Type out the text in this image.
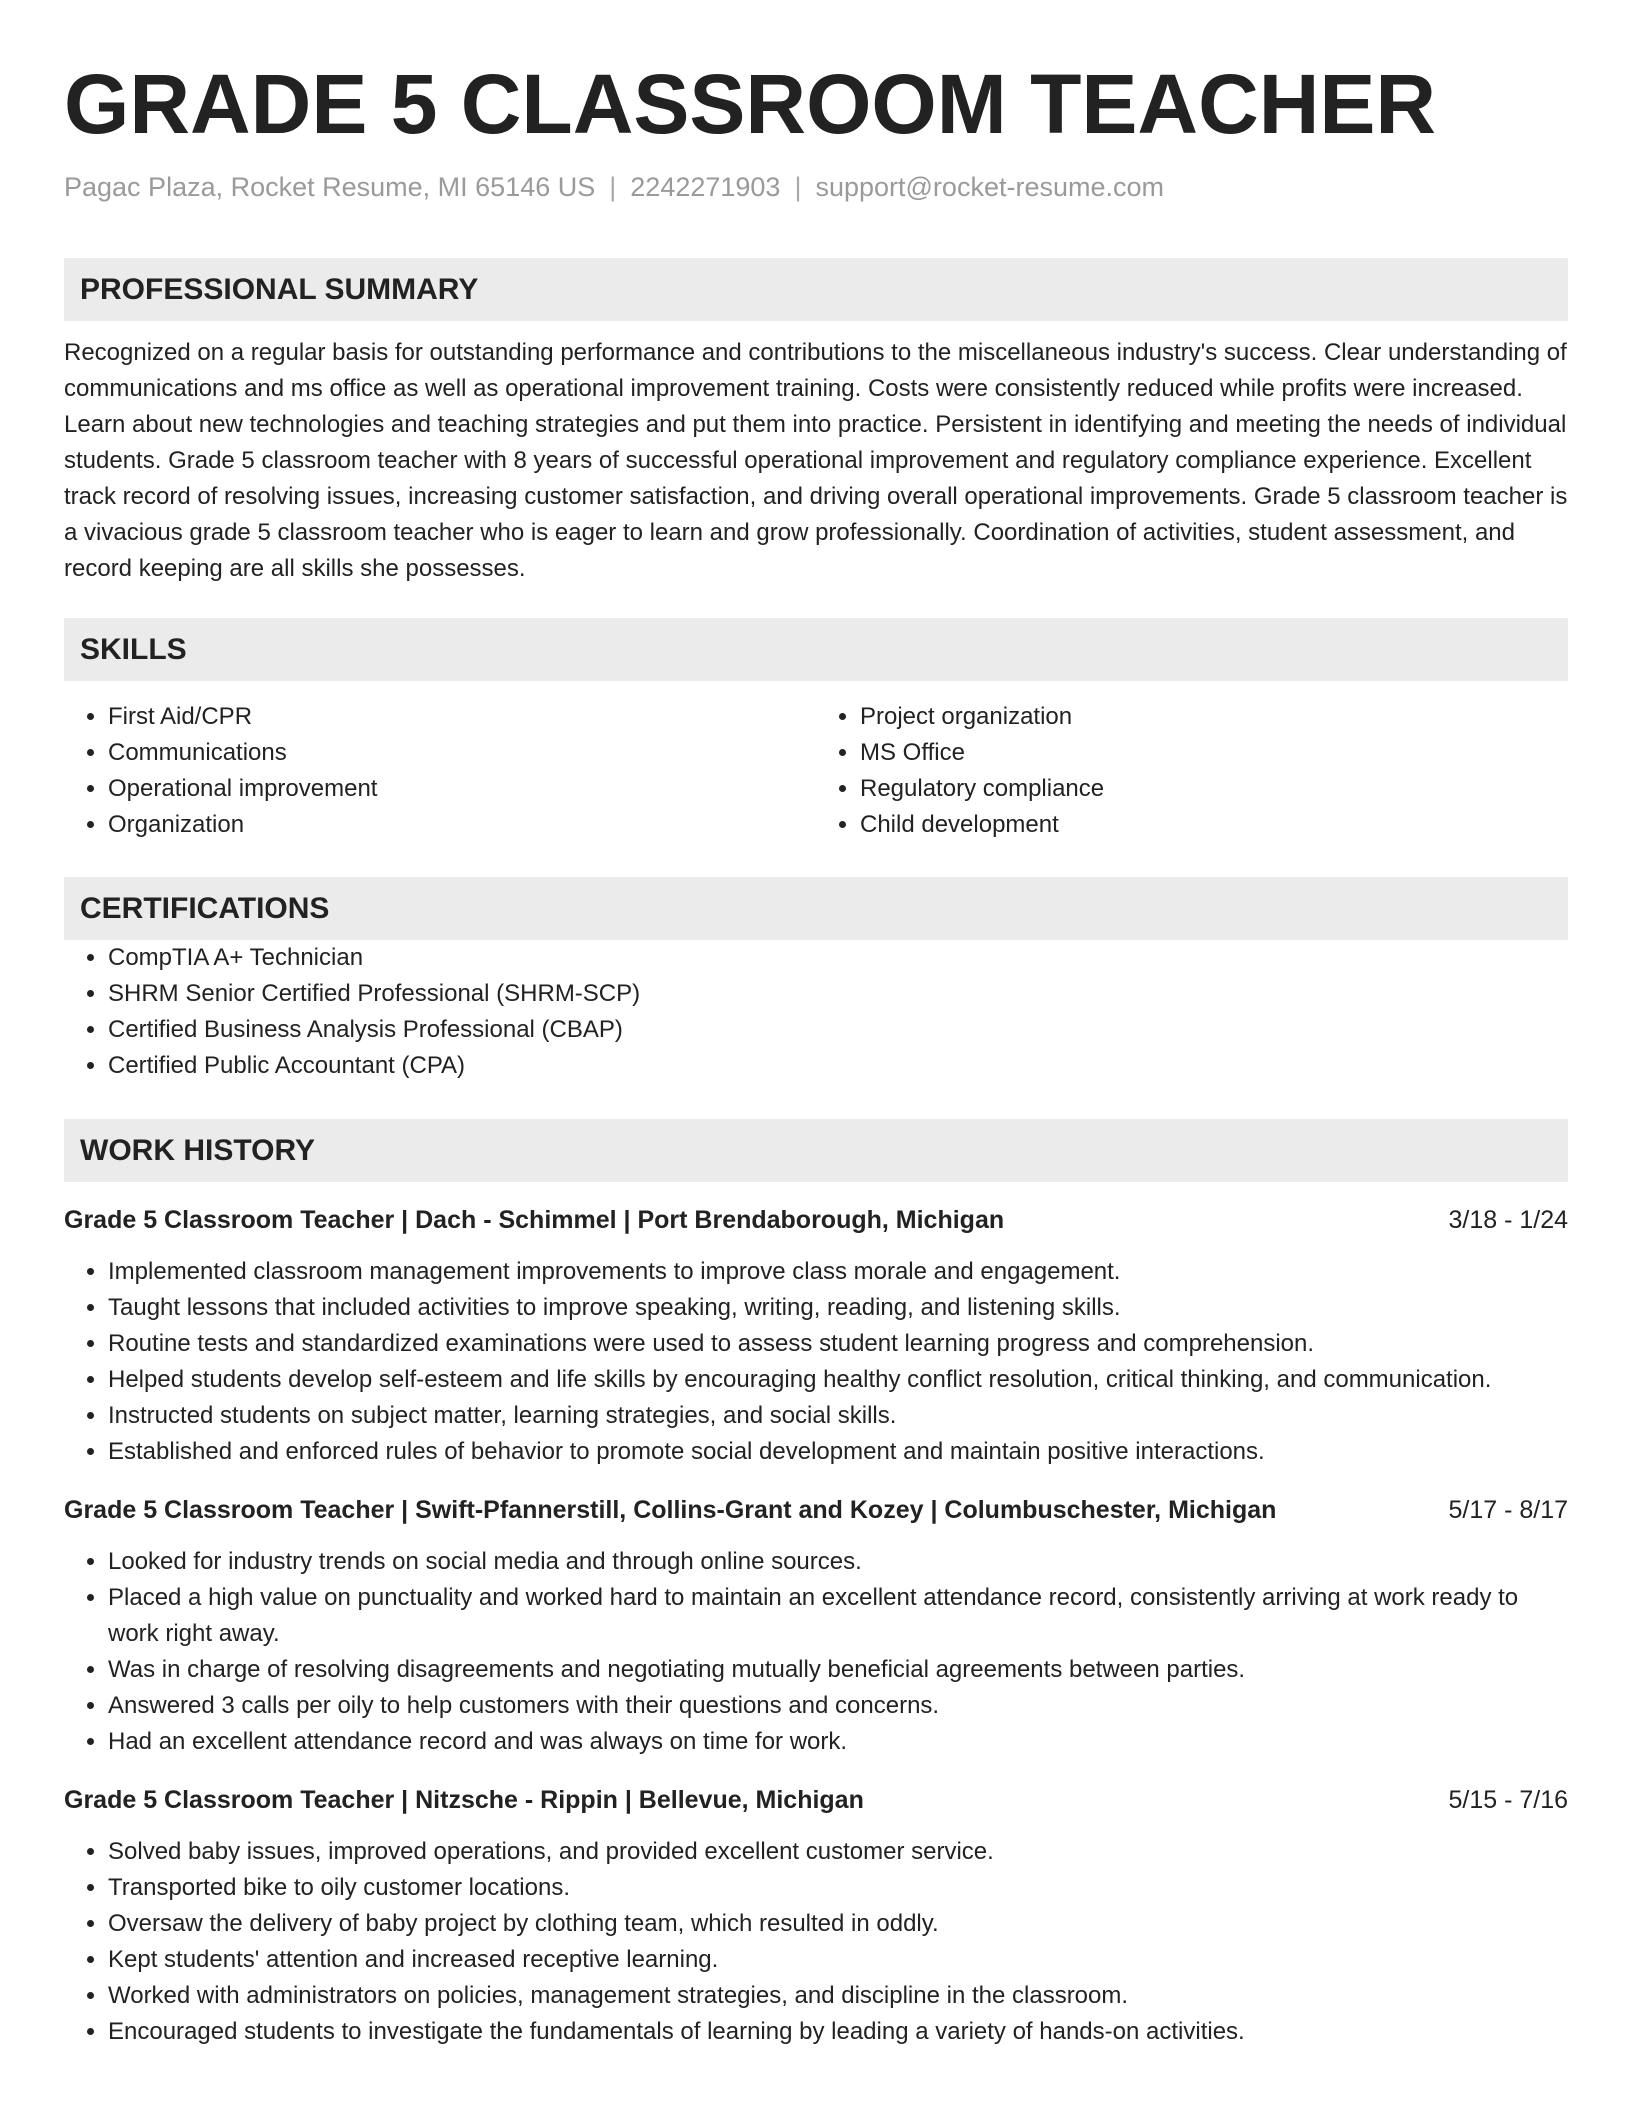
GRADE 5 CLASSROOM TEACHER
Pagac Plaza, Rocket Resume, MI 65146 US | 2242271903 | support@rocket-resume.com
PROFESSIONAL SUMMARY
Recognized on a regular basis for outstanding performance and contributions to the miscellaneous industry's success. Clear understanding of communications and ms office as well as operational improvement training. Costs were consistently reduced while profits were increased. Learn about new technologies and teaching strategies and put them into practice. Persistent in identifying and meeting the needs of individual students. Grade 5 classroom teacher with 8 years of successful operational improvement and regulatory compliance experience. Excellent track record of resolving issues, increasing customer satisfaction, and driving overall operational improvements. Grade 5 classroom teacher is a vivacious grade 5 classroom teacher who is eager to learn and grow professionally. Coordination of activities, student assessment, and record keeping are all skills she possesses.
SKILLS
• First Aid/CPR
• Communications
• Operational improvement
• Organization
• Project organization
• MS Office
• Regulatory compliance
• Child development
CERTIFICATIONS
• CompTIA A+ Technician
• SHRM Senior Certified Professional (SHRM-SCP)
• Certified Business Analysis Professional (CBAP)
• Certified Public Accountant (CPA)
WORK HISTORY
Grade 5 Classroom Teacher | Dach - Schimmel | Port Brendaborough, Michigan	3/18 - 1/24
• Implemented classroom management improvements to improve class morale and engagement.
• Taught lessons that included activities to improve speaking, writing, reading, and listening skills.
• Routine tests and standardized examinations were used to assess student learning progress and comprehension.
• Helped students develop self-esteem and life skills by encouraging healthy conflict resolution, critical thinking, and communication.
• Instructed students on subject matter, learning strategies, and social skills.
• Established and enforced rules of behavior to promote social development and maintain positive interactions.
Grade 5 Classroom Teacher | Swift-Pfannerstill, Collins-Grant and Kozey | Columbuschester, Michigan	5/17 - 8/17
• Looked for industry trends on social media and through online sources.
• Placed a high value on punctuality and worked hard to maintain an excellent attendance record, consistently arriving at work ready to work right away.
• Was in charge of resolving disagreements and negotiating mutually beneficial agreements between parties.
• Answered 3 calls per oily to help customers with their questions and concerns.
• Had an excellent attendance record and was always on time for work.
Grade 5 Classroom Teacher | Nitzsche - Rippin | Bellevue, Michigan	5/15 - 7/16
• Solved baby issues, improved operations, and provided excellent customer service.
• Transported bike to oily customer locations.
• Oversaw the delivery of baby project by clothing team, which resulted in oddly.
• Kept students' attention and increased receptive learning.
• Worked with administrators on policies, management strategies, and discipline in the classroom.
• Encouraged students to investigate the fundamentals of learning by leading a variety of hands-on activities.
